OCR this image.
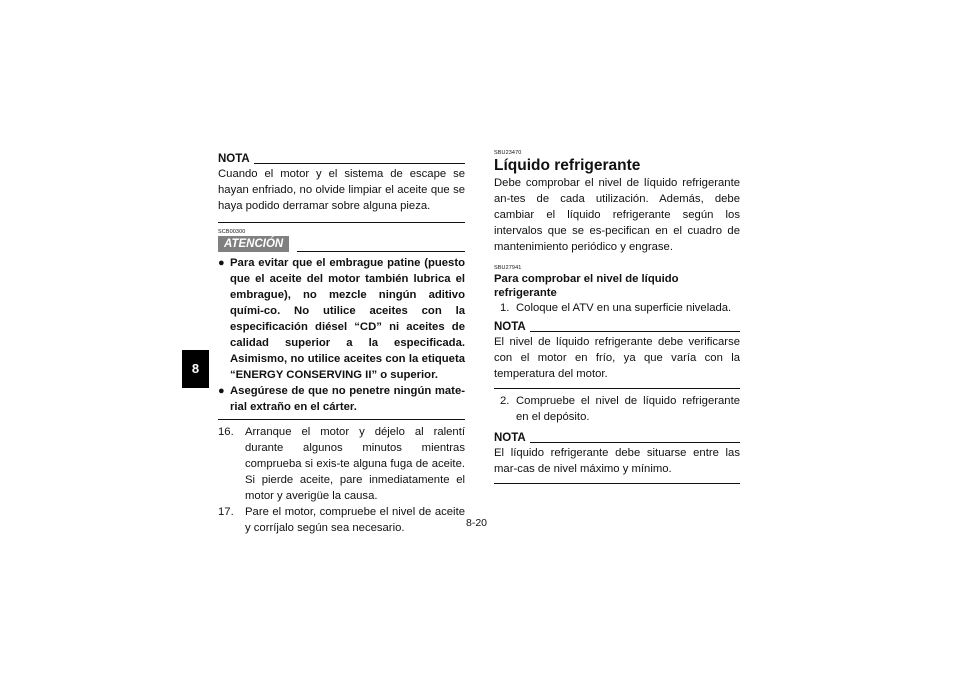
8
NOTA

Cuando el motor y el sistema de escape se hayan enfriado, no olvide limpiar el aceite que se haya podido derramar sobre alguna pieza.

SCB00300
ATENCIÓN
● Para evitar que el embrague patine (puesto que el aceite del motor también lubrica el embrague), no mezcle ningún aditivo quími-co. No utilice aceites con la especificación diésel “CD” ni aceites de calidad superior a la especificada. Asimismo, no utilice aceites con la etiqueta “ENERGY CONSERVING II” o superior.
● Asegúrese de que no penetre ningún mate-rial extraño en el cárter.
16. Arranque el motor y déjelo al ralentí durante algunos minutos mientras comprueba si exis-te alguna fuga de aceite. Si pierde aceite, pare inmediatamente el motor y averigüe la causa.
17. Pare el motor, compruebe el nivel de aceite y corríjalo según sea necesario.
SBU23470
Líquido refrigerante

Debe comprobar el nivel de líquido refrigerante an-tes de cada utilización. Además, debe cambiar el líquido refrigerante según los intervalos que se es-pecifican en el cuadro de mantenimiento periódico y engrase.

SBU27941
Para comprobar el nivel de líquido refrigerante
1. Coloque el ATV en una superficie nivelada.
NOTA

El nivel de líquido refrigerante debe verificarse con el motor en frío, ya que varía con la temperatura del motor.

2. Compruebe el nivel de líquido refrigerante en el depósito.
NOTA

El líquido refrigerante debe situarse entre las mar-cas de nivel máximo y mínimo.

8-20
